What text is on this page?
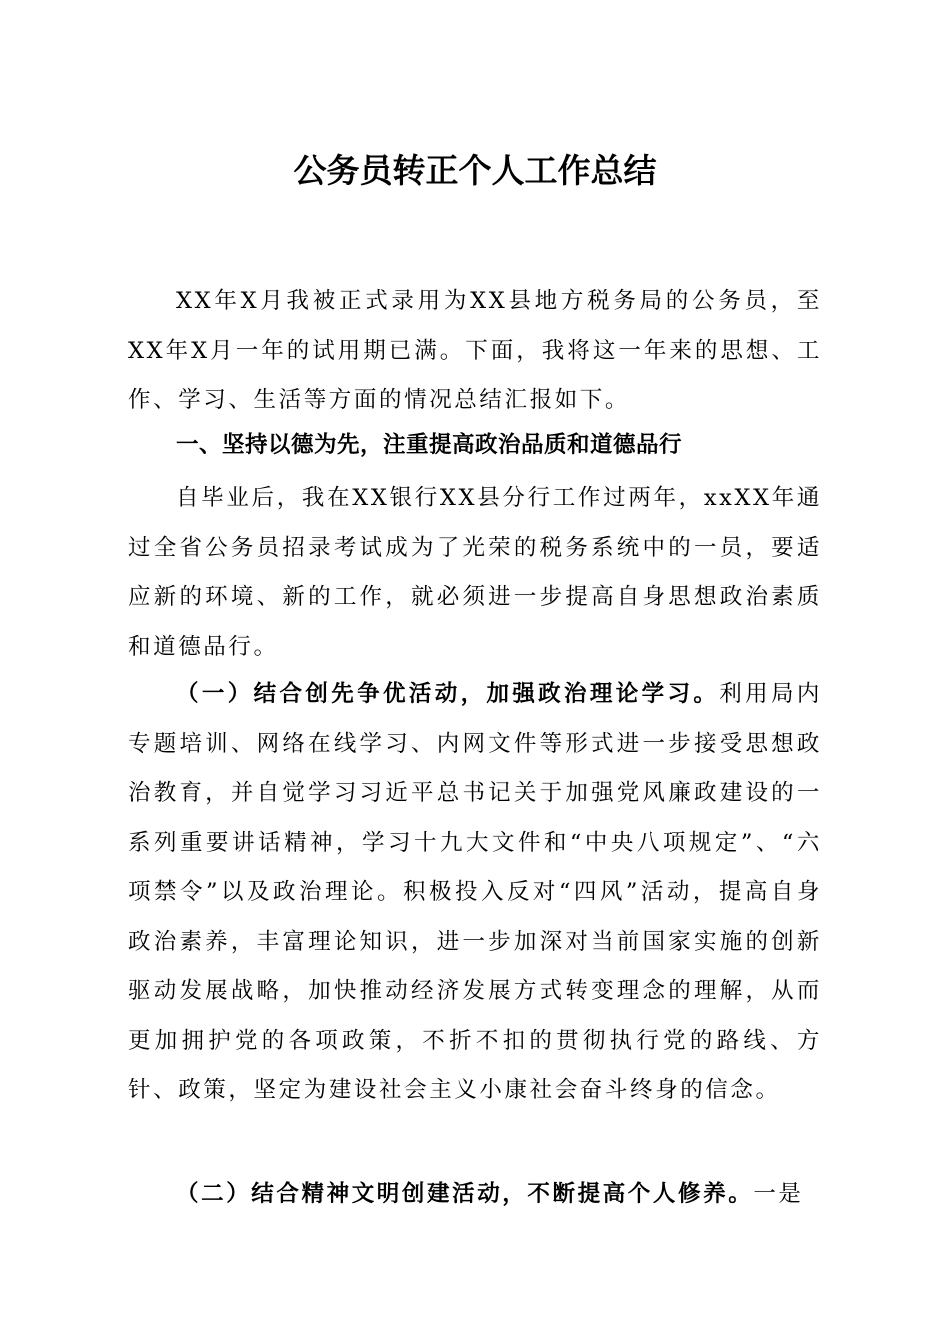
公务员转正个人工作总结
XX年X月我被正式录用为XX县地方税务局的公务员，至XX年X月一年的试用期已满。下面，我将这一年来的思想、工作、学习、生活等方面的情况总结汇报如下。
一、坚持以德为先，注重提高政治品质和道德品行
自毕业后，我在XX银行XX县分行工作过两年，xxXX年通过全省公务员招录考试成为了光荣的税务系统中的一员，要适应新的环境、新的工作，就必须进一步提高自身思想政治素质和道德品行。
（一）结合创先争优活动，加强政治理论学习。利用局内专题培训、网络在线学习、内网文件等形式进一步接受思想政治教育，并自觉学习习近平总书记关于加强党风廉政建设的一系列重要讲话精神，学习十九大文件和“中央八项规定”、“六项禁令”以及政治理论。积极投入反对“四风”活动，提高自身政治素养，丰富理论知识，进一步加深对当前国家实施的创新驱动发展战略，加快推动经济发展方式转变理念的理解，从而更加拥护党的各项政策，不折不扣的贯彻执行党的路线、方针、政策，坚定为建设社会主义小康社会奋斗终身的信念。
（二）结合精神文明创建活动，不断提高个人修养。一是
